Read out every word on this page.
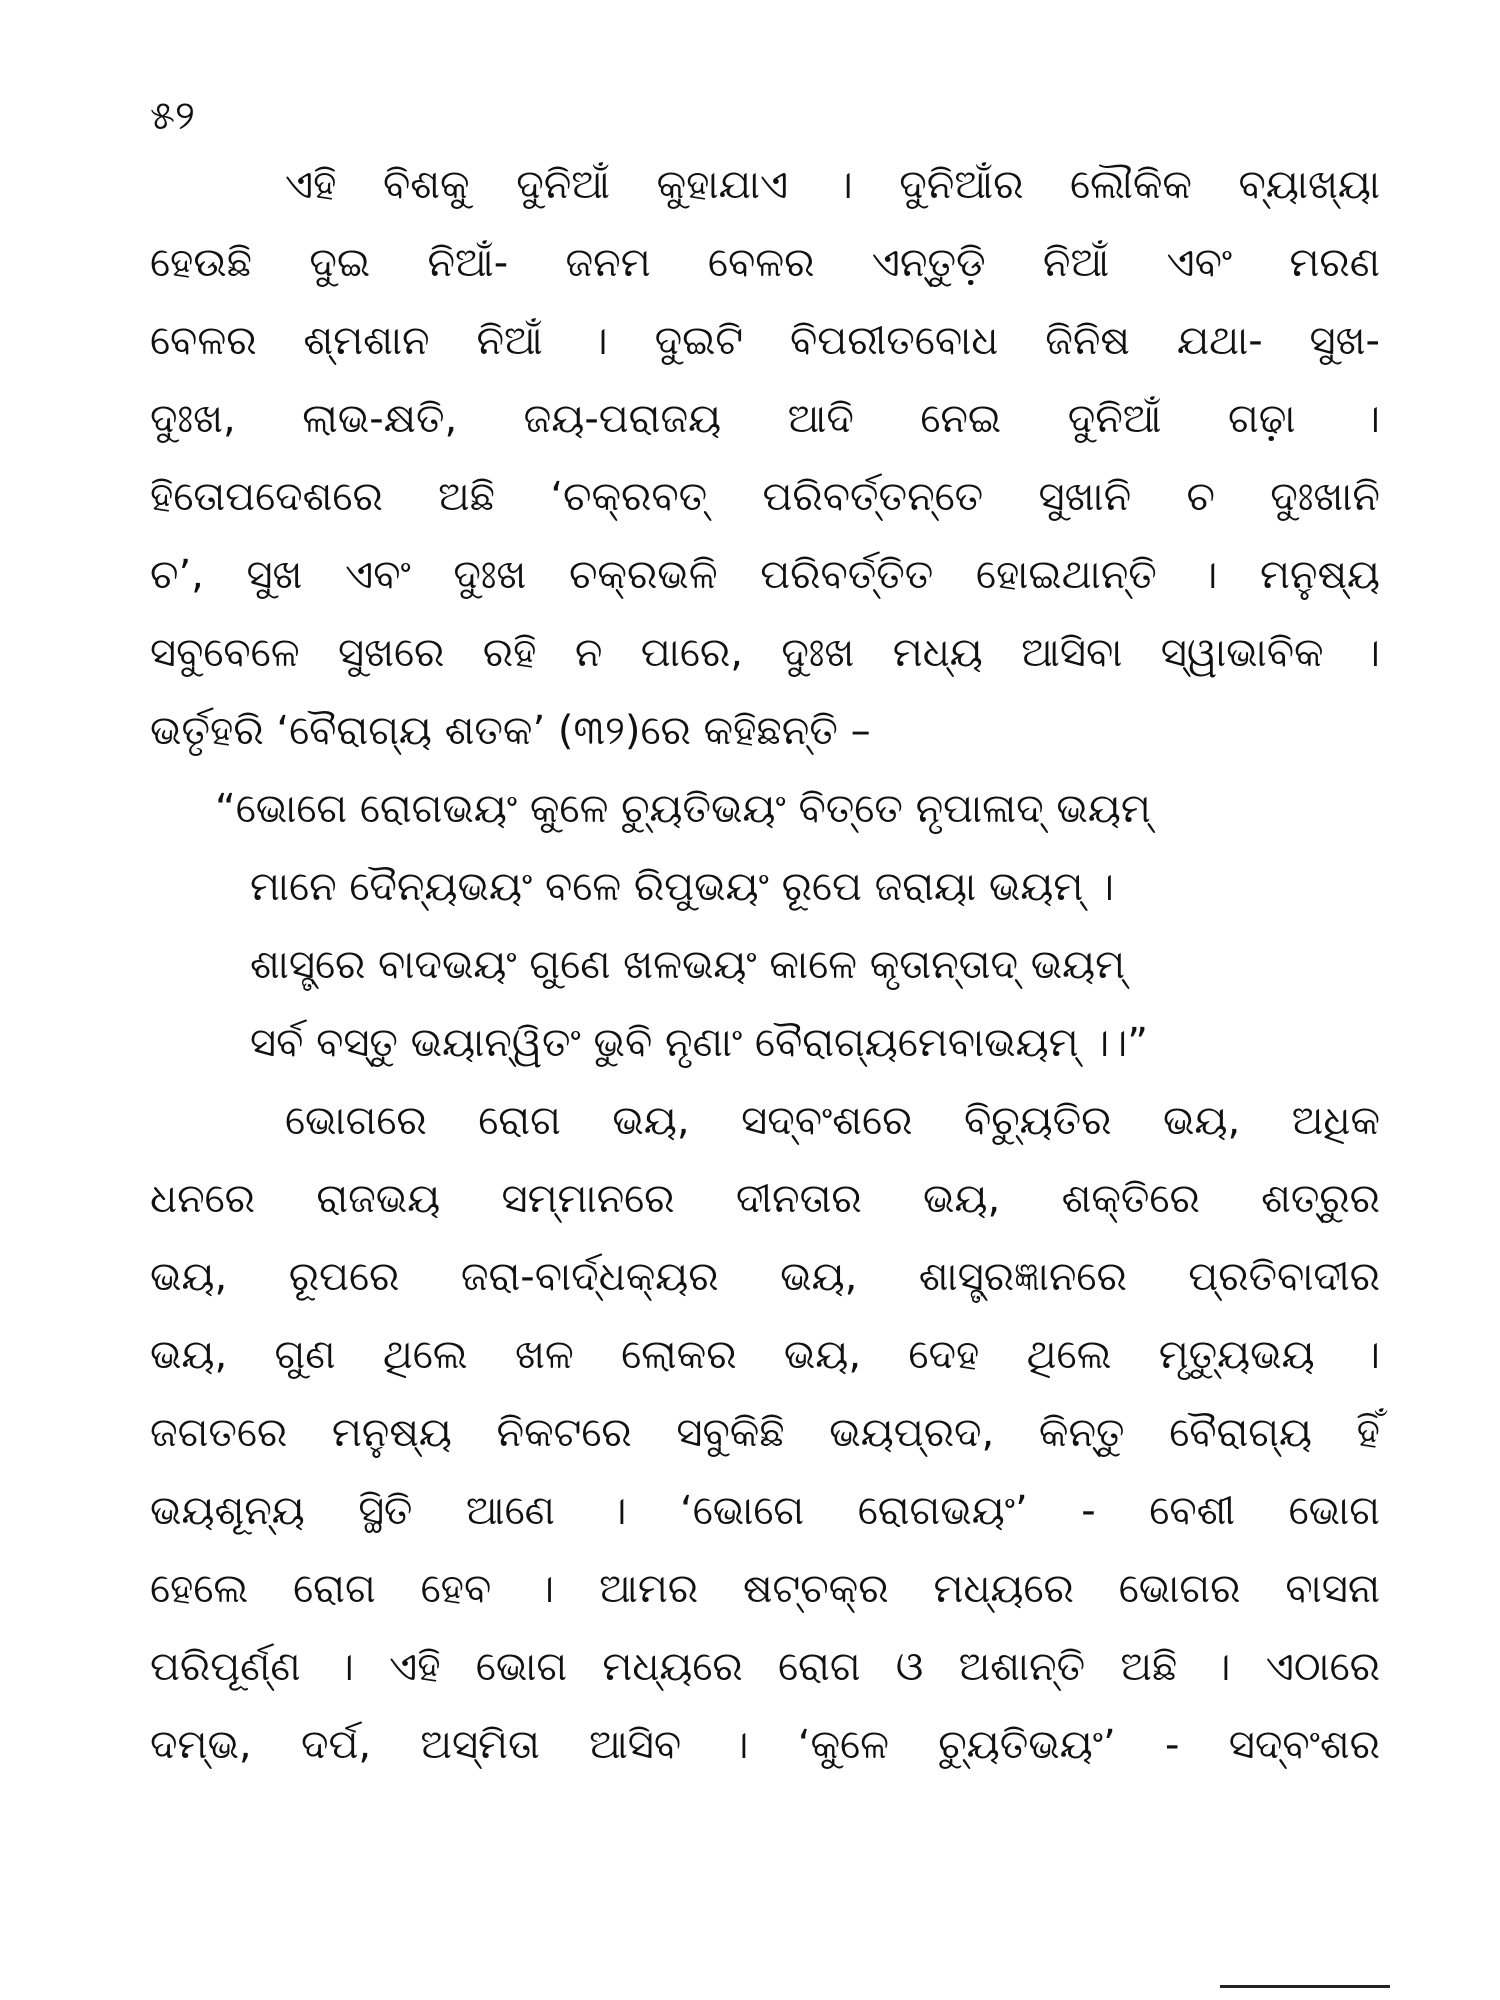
୫୨
ଏହି ବିଶକୁ ଦୁନିଆଁ କୁହାଯାଏ । ଦୁନିଆଁର ଲୌକିକ ବ୍ୟାଖ୍ୟା
ହେଉଛି ଦୁଇ ନିଆଁ- ଜନମ ବେଳର ଏନ୍ତୁଡ଼ି ନିଆଁ ଏବଂ ମରଣ
ବେଳର ଶ୍ମଶାନ ନିଆଁ । ଦୁଇଟି ବିପରୀତବୋଧ ଜିନିଷ ଯଥା- ସୁଖ-
ଦୁଃଖ, ଲାଭ-କ୍ଷତି, ଜୟ-ପରାଜୟ ଆଦି ନେଇ ଦୁନିଆଁ ଗଢ଼ା ।
ହିତୋପଦେଶରେ ଅଛି ‘ଚକ୍ରବତ୍ ପରିବର୍ତ୍ତନ୍ତେ ସୁଖାନି ଚ ଦୁଃଖାନି
ଚ’, ସୁଖ ଏବଂ ଦୁଃଖ ଚକ୍ରଭଳି ପରିବର୍ତ୍ତିତ ହୋଇଥାନ୍ତି । ମନୁଷ୍ୟ
ସବୁବେଳେ ସୁଖରେ ରହି ନ ପାରେ, ଦୁଃଖ ମଧ୍ୟ ଆସିବା ସ୍ୱାଭାବିକ ।
ଭର୍ତୃହରି ‘ବୈରାଗ୍ୟ ଶତକ’ (୩୨)ରେ କହିଛନ୍ତି –
“ଭୋଗେ ରୋଗଭୟଂ କୁଳେ ଚ୍ୟୁତିଭୟଂ ବିତ୍ତେ ନୃପାଳାଦ୍ ଭୟମ୍
ମାନେ ଦୈନ୍ୟଭୟଂ ବଳେ ରିପୁଭୟଂ ରୂପେ ଜରାୟା ଭୟମ୍ ।
ଶାସ୍ତ୍ରେ ବାଦଭୟଂ ଗୁଣେ ଖଳଭୟଂ କାଳେ କୃତାନ୍ତାଦ୍ ଭୟମ୍
ସର୍ବ ବସ୍ତୁ ଭୟାନ୍ୱିତଂ ଭୁବି ନୃଣାଂ ବୈରାଗ୍ୟମେବାଭୟମ୍ ।।”
ଭୋଗରେ ରୋଗ ଭୟ, ସଦ୍‌ବଂଶରେ ବିଚ୍ୟୁତିର ଭୟ, ଅଧିକ
ଧନରେ ରାଜଭୟ ସମ୍ମାନରେ ଦୀନତାର ଭୟ, ଶକ୍ତିରେ ଶତ୍ରୁର
ଭୟ, ରୂପରେ ଜରା-ବାର୍ଦ୍ଧକ୍ୟର ଭୟ, ଶାସ୍ତ୍ରଜ୍ଞାନରେ ପ୍ରତିବାଦୀର
ଭୟ, ଗୁଣ ଥିଲେ ଖଳ ଲୋକର ଭୟ, ଦେହ ଥିଲେ ମୃତ୍ୟୁଭୟ ।
ଜଗତରେ ମନୁଷ୍ୟ ନିକଟରେ ସବୁକିଛି ଭୟପ୍ରଦ, କିନ୍ତୁ ବୈରାଗ୍ୟ ହିଁ
ଭୟଶୂନ୍ୟ ସ୍ଥିତି ଆଣେ । ‘ଭୋଗେ ରୋଗଭୟଂ’ - ବେଶୀ ଭୋଗ
ହେଲେ ରୋଗ ହେବ । ଆମର ଷଟ୍‌ଚକ୍ର ମଧ୍ୟରେ ଭୋଗର ବାସନା
ପରିପୂର୍ଣ୍ଣ । ଏହି ଭୋଗ ମଧ୍ୟରେ ରୋଗ ଓ ଅଶାନ୍ତି ଅଛି । ଏଠାରେ
ଦମ୍ଭ, ଦର୍ପ, ଅସ୍ମିତା ଆସିବ । ‘କୁଳେ ଚ୍ୟୁତିଭୟଂ’ - ସଦ୍‌ବଂଶର
